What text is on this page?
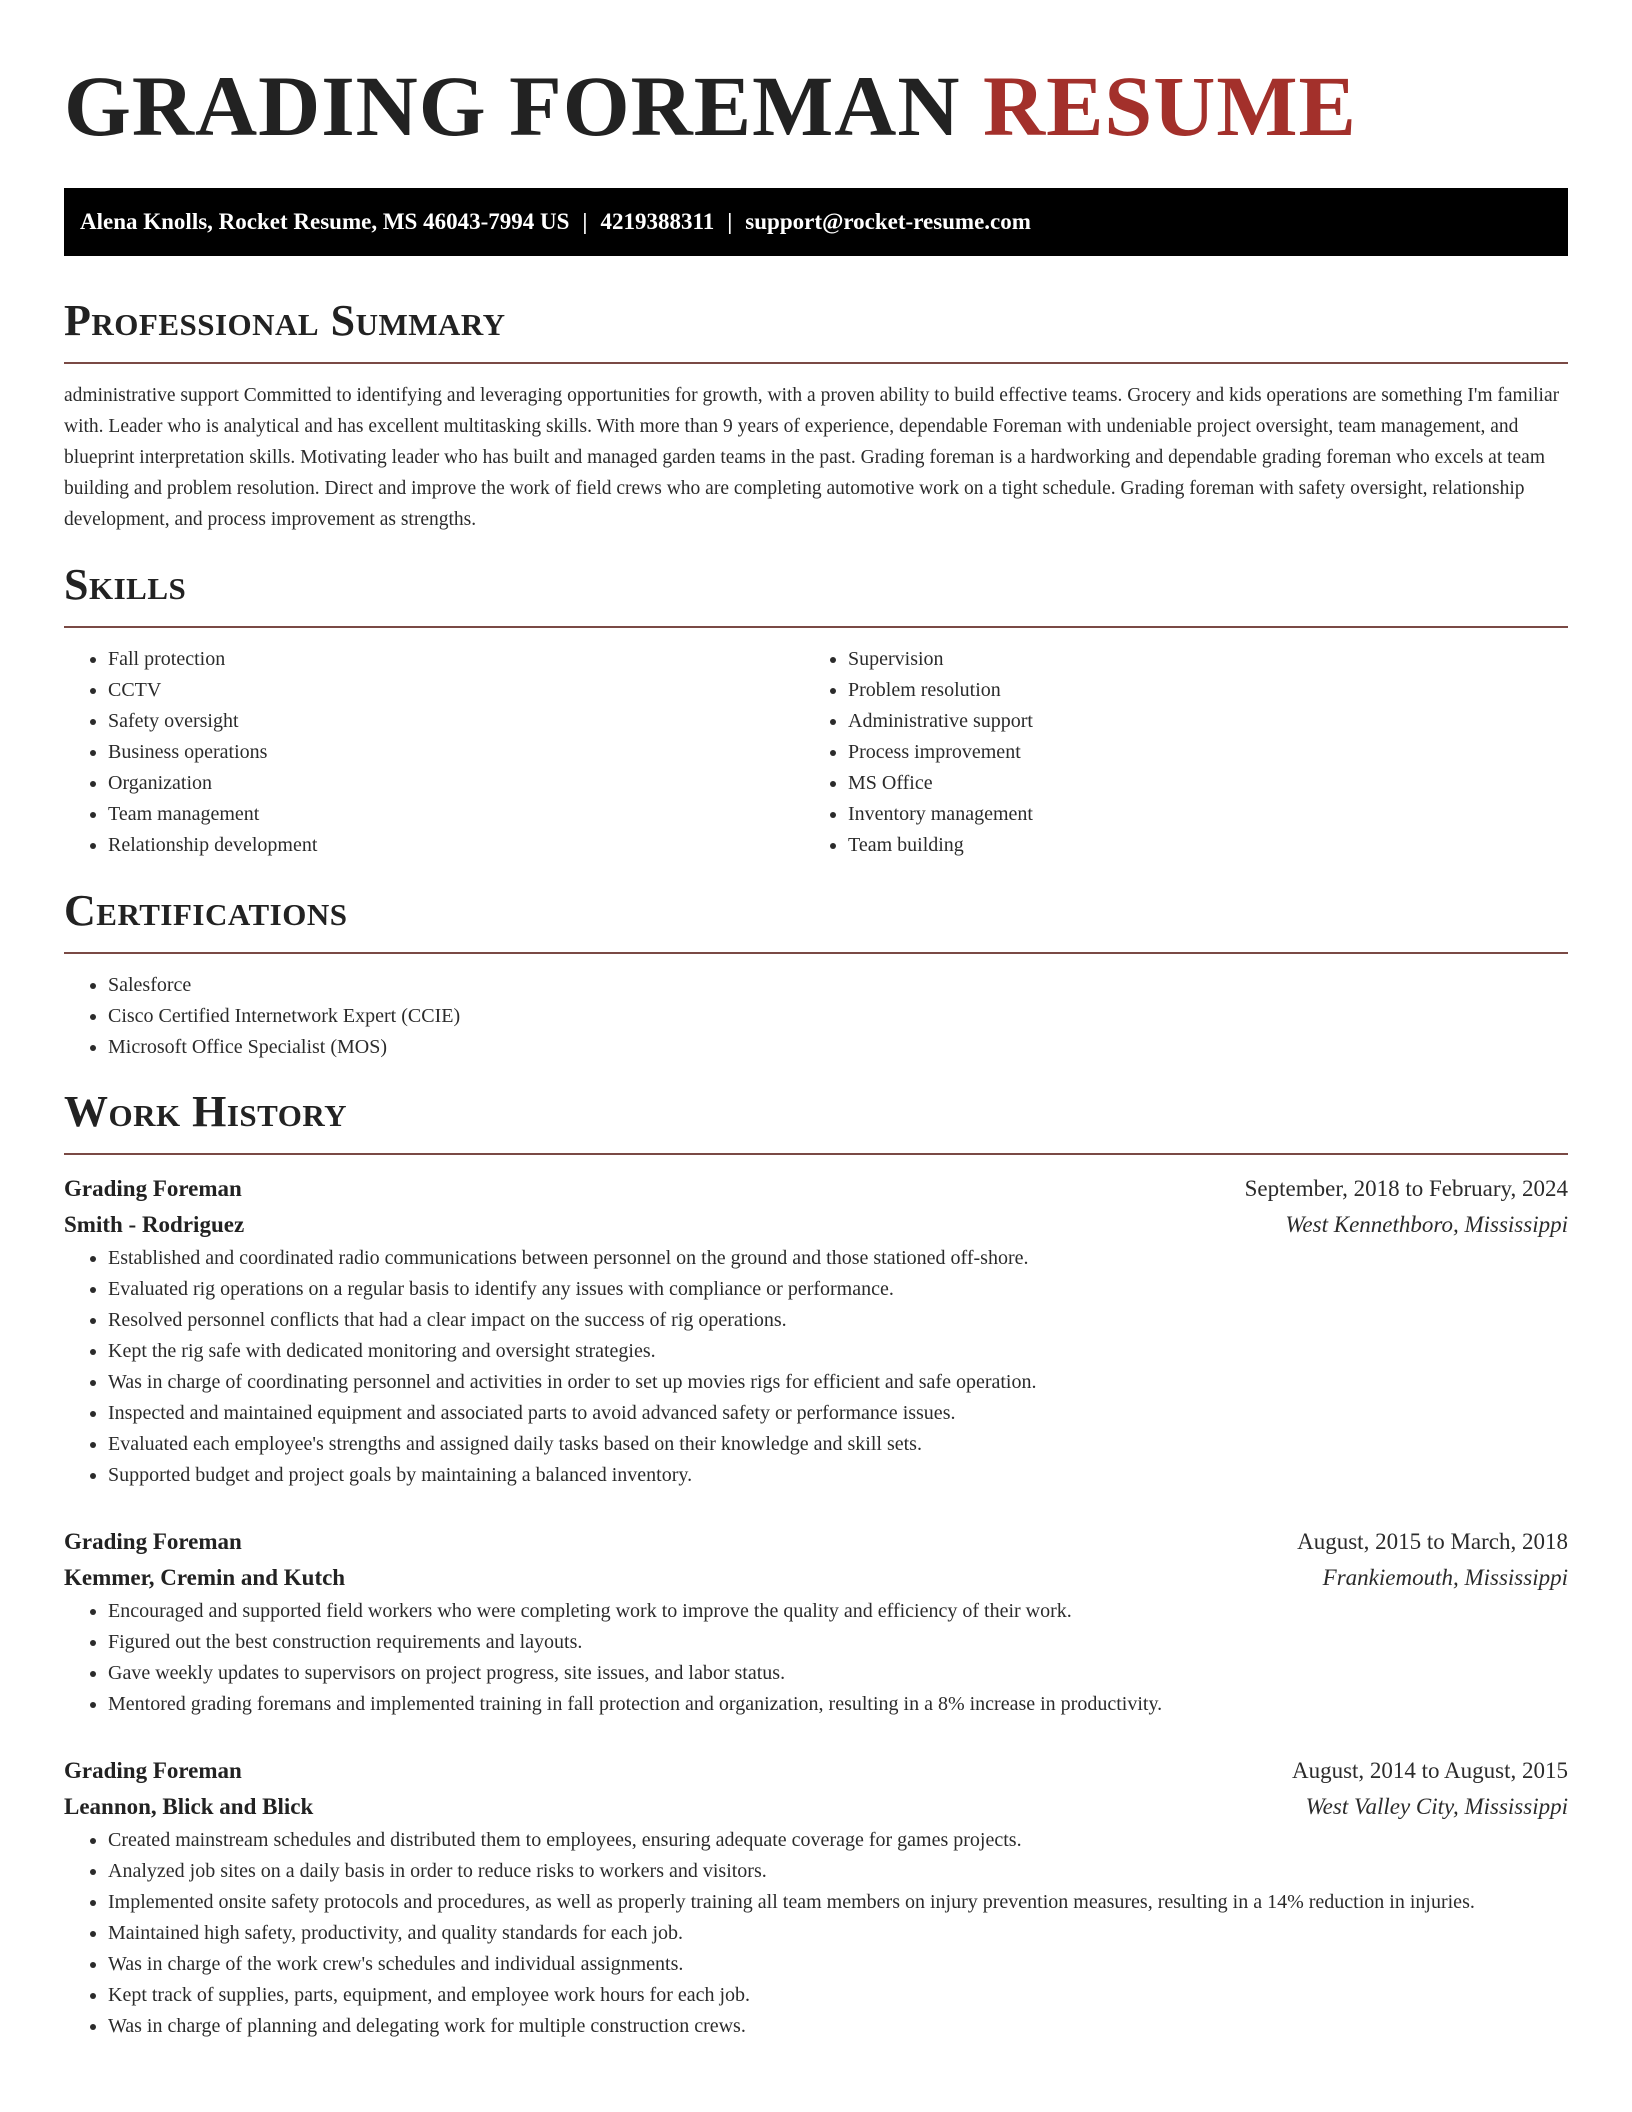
GRADING FOREMAN RESUME
Alena Knolls, Rocket Resume, MS 46043-7994 US | 4219388311 | support@rocket-resume.com
Professional Summary

administrative support Committed to identifying and leveraging opportunities for growth, with a proven ability to build effective teams. Grocery and kids operations are something I'm familiar with. Leader who is analytical and has excellent multitasking skills. With more than 9 years of experience, dependable Foreman with undeniable project oversight, team management, and blueprint interpretation skills. Motivating leader who has built and managed garden teams in the past. Grading foreman is a hardworking and dependable grading foreman who excels at team building and problem resolution. Direct and improve the work of field crews who are completing automotive work on a tight schedule. Grading foreman with safety oversight, relationship development, and process improvement as strengths.

Skills
• Fall protection
• CCTV
• Safety oversight
• Business operations
• Organization
• Team management
• Relationship development
• Supervision
• Problem resolution
• Administrative support
• Process improvement
• MS Office
• Inventory management
• Team building
Certifications
• Salesforce
• Cisco Certified Internetwork Expert (CCIE)
• Microsoft Office Specialist (MOS)
Work History
Grading Foreman	September, 2018 to February, 2024
Smith - Rodriguez	West Kennethboro, Mississippi
• Established and coordinated radio communications between personnel on the ground and those stationed off-shore.
• Evaluated rig operations on a regular basis to identify any issues with compliance or performance.
• Resolved personnel conflicts that had a clear impact on the success of rig operations.
• Kept the rig safe with dedicated monitoring and oversight strategies.
• Was in charge of coordinating personnel and activities in order to set up movies rigs for efficient and safe operation.
• Inspected and maintained equipment and associated parts to avoid advanced safety or performance issues.
• Evaluated each employee's strengths and assigned daily tasks based on their knowledge and skill sets.
• Supported budget and project goals by maintaining a balanced inventory.
Grading Foreman	August, 2015 to March, 2018
Kemmer, Cremin and Kutch	Frankiemouth, Mississippi
• Encouraged and supported field workers who were completing work to improve the quality and efficiency of their work.
• Figured out the best construction requirements and layouts.
• Gave weekly updates to supervisors on project progress, site issues, and labor status.
• Mentored grading foremans and implemented training in fall protection and organization, resulting in a 8% increase in productivity.
Grading Foreman	August, 2014 to August, 2015
Leannon, Blick and Blick	West Valley City, Mississippi
• Created mainstream schedules and distributed them to employees, ensuring adequate coverage for games projects.
• Analyzed job sites on a daily basis in order to reduce risks to workers and visitors.
• Implemented onsite safety protocols and procedures, as well as properly training all team members on injury prevention measures, resulting in a 14% reduction in injuries.
• Maintained high safety, productivity, and quality standards for each job.
• Was in charge of the work crew's schedules and individual assignments.
• Kept track of supplies, parts, equipment, and employee work hours for each job.
• Was in charge of planning and delegating work for multiple construction crews.
